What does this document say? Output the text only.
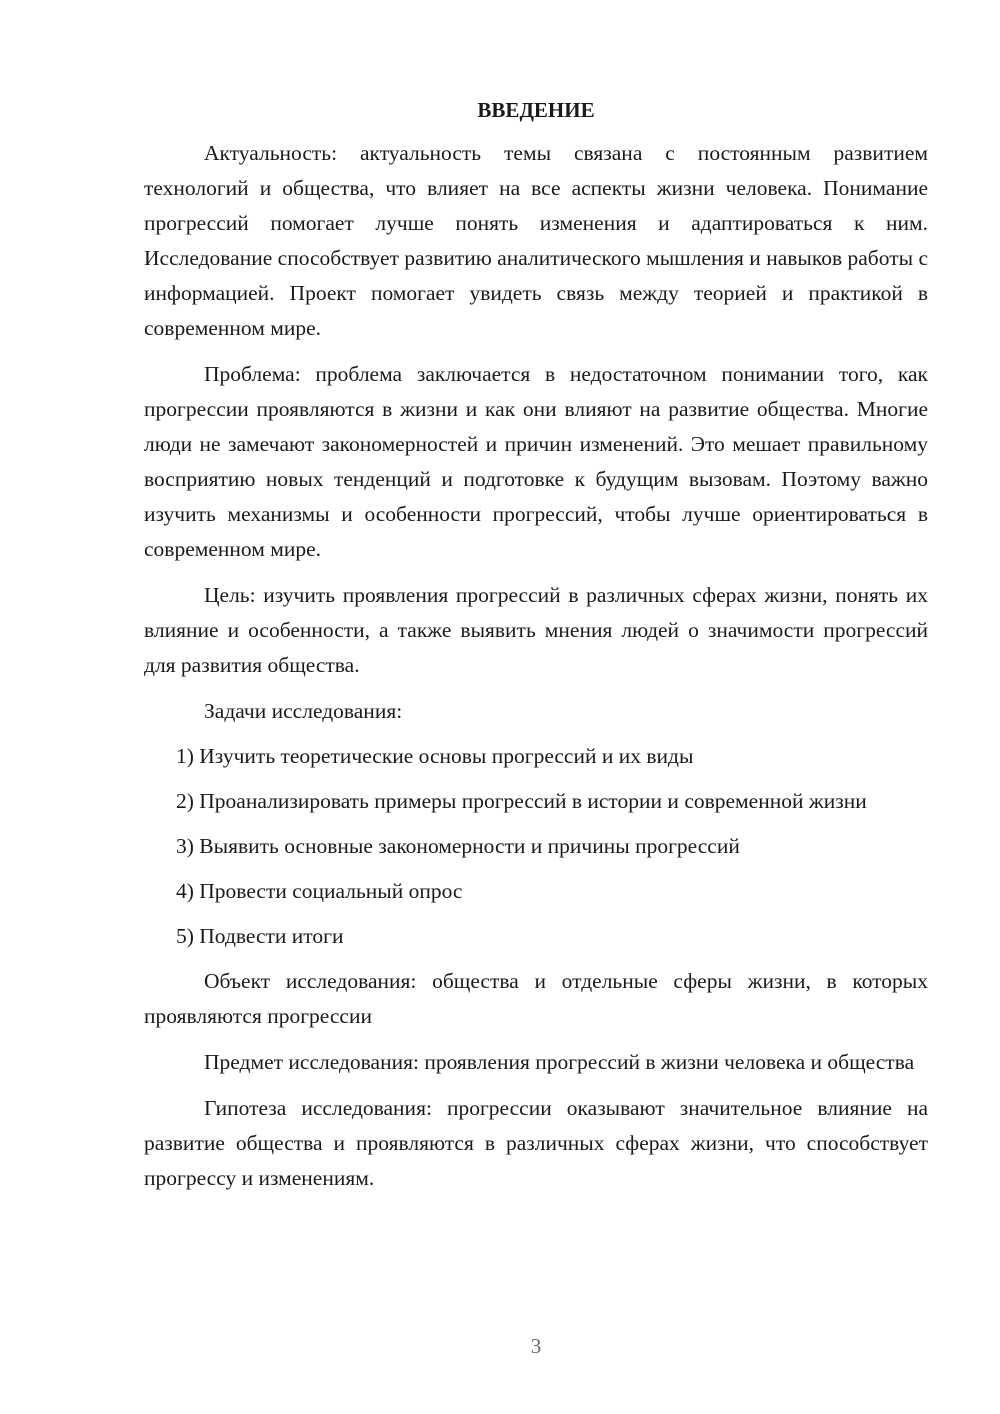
ВВЕДЕНИЕ

Актуальность: актуальность темы связана с постоянным развитием технологий и общества, что влияет на все аспекты жизни человека. Понимание прогрессий помогает лучше понять изменения и адаптироваться к ним. Исследование способствует развитию аналитического мышления и навыков работы с информацией. Проект помогает увидеть связь между теорией и практикой в современном мире.

Проблема: проблема заключается в недостаточном понимании того, как прогрессии проявляются в жизни и как они влияют на развитие общества. Многие люди не замечают закономерностей и причин изменений. Это мешает правильному восприятию новых тенденций и подготовке к будущим вызовам. Поэтому важно изучить механизмы и особенности прогрессий, чтобы лучше ориентироваться в современном мире.

Цель: изучить проявления прогрессий в различных сферах жизни, понять их влияние и особенности, а также выявить мнения людей о значимости прогрессий для развития общества.

Задачи исследования:

1) Изучить теоретические основы прогрессий и их виды

2) Проанализировать примеры прогрессий в истории и современной жизни

3) Выявить основные закономерности и причины прогрессий

4) Провести социальный опрос

5) Подвести итоги

Объект исследования: общества и отдельные сферы жизни, в которых проявляются прогрессии

Предмет исследования: проявления прогрессий в жизни человека и общества

Гипотеза исследования: прогрессии оказывают значительное влияние на развитие общества и проявляются в различных сферах жизни, что способствует прогрессу и изменениям.

3
